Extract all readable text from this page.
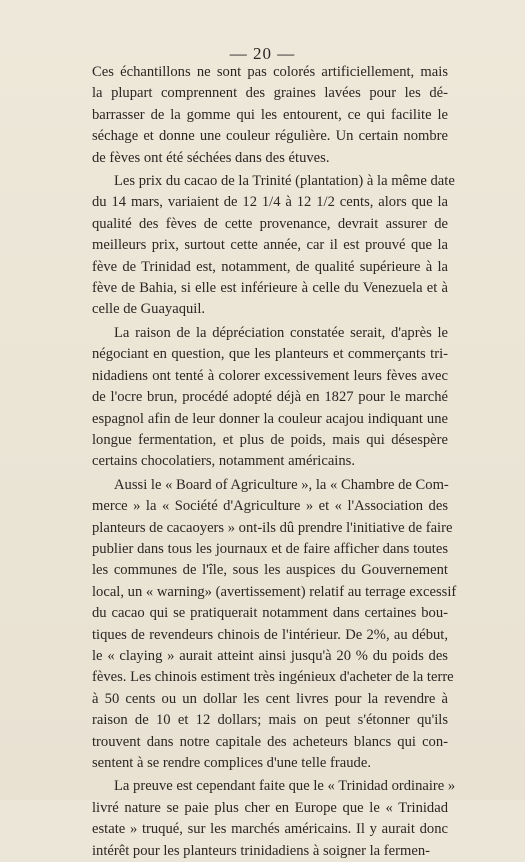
— 20 —
Ces échantillons ne sont pas colorés artificiellement, mais
la plupart comprennent des graines lavées pour les dé-
barrasser de la gomme qui les entourent, ce qui facilite le
séchage et donne une couleur régulière. Un certain nombre
de fèves ont été séchées dans des étuves.
Les prix du cacao de la Trinité (plantation) à la même date
du 14 mars, variaient de 12 1/4 à 12 1/2 cents, alors que la
qualité des fèves de cette provenance, devrait assurer de
meilleurs prix, surtout cette année, car il est prouvé que la
fève de Trinidad est, notamment, de qualité supérieure à la
fève de Bahia, si elle est inférieure à celle du Venezuela et à
celle de Guayaquil.
La raison de la dépréciation constatée serait, d'après le
négociant en question, que les planteurs et commerçants tri-
nidadiens ont tenté à colorer excessivement leurs fèves avec
de l'ocre brun, procédé adopté déjà en 1827 pour le marché
espagnol afin de leur donner la couleur acajou indiquant une
longue fermentation, et plus de poids, mais qui désespère
certains chocolatiers, notamment américains.
Aussi le « Board of Agriculture », la « Chambre de Com-
merce » la « Société d'Agriculture » et « l'Association des
planteurs de cacaoyers » ont-ils dû prendre l'initiative de faire
publier dans tous les journaux et de faire afficher dans toutes
les communes de l'île, sous les auspices du Gouvernement
local, un « warning» (avertissement) relatif au terrage excessif
du cacao qui se pratiquerait notamment dans certaines bou-
tiques de revendeurs chinois de l'intérieur. De 2%, au début,
le « claying » aurait atteint ainsi jusqu'à 20 % du poids des
fèves. Les chinois estiment très ingénieux d'acheter de la terre
à 50 cents ou un dollar les cent livres pour la revendre à
raison de 10 et 12 dollars; mais on peut s'étonner qu'ils
trouvent dans notre capitale des acheteurs blancs qui con-
sentent à se rendre complices d'une telle fraude.
La preuve est cependant faite que le « Trinidad ordinaire »
livré nature se paie plus cher en Europe que le « Trinidad
estate » truqué, sur les marchés américains. Il y aurait donc
intérêt pour les planteurs trinidadiens à soigner la fermen-
